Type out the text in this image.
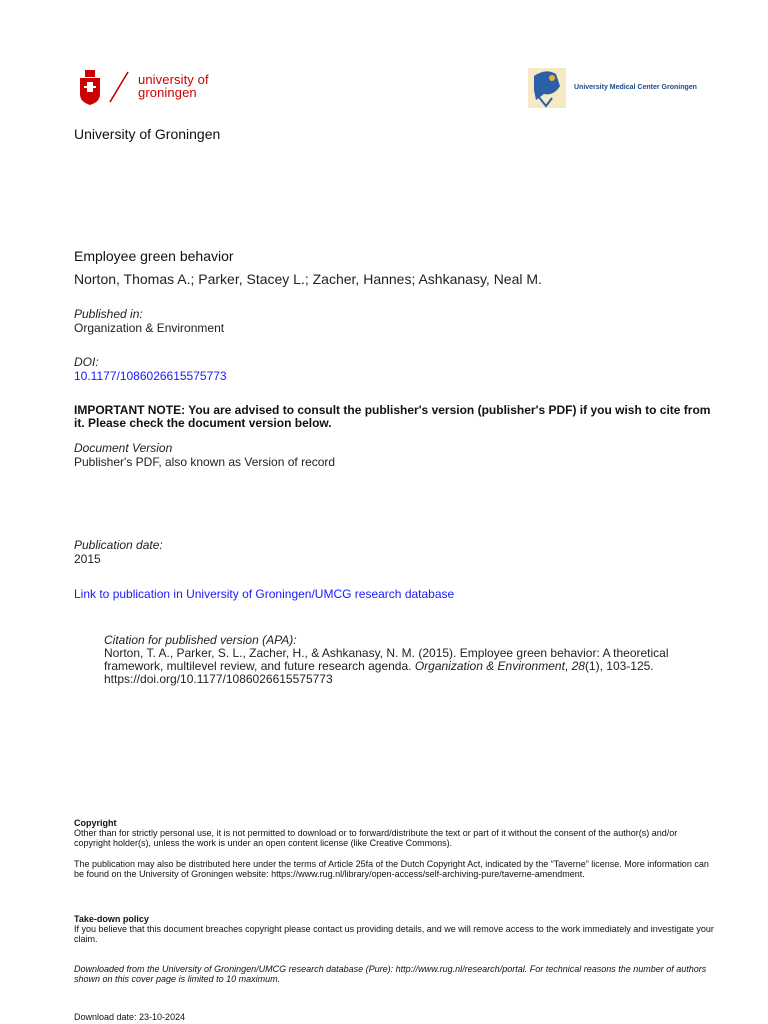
university of
groningen	University Medical Center Groningen
University of Groningen
Employee green behavior
Norton, Thomas A.; Parker, Stacey L.; Zacher, Hannes; Ashkanasy, Neal M.
Published in:
Organization & Environment
DOI:
10.1177/1086026615575773
IMPORTANT NOTE: You are advised to consult the publisher's version (publisher's PDF) if you wish to cite from it. Please check the document version below.
Document Version
Publisher's PDF, also known as Version of record
Publication date:
2015
Link to publication in University of Groningen/UMCG research database
Citation for published version (APA):
Norton, T. A., Parker, S. L., Zacher, H., & Ashkanasy, N. M. (2015). Employee green behavior: A theoretical framework, multilevel review, and future research agenda. Organization & Environment, 28(1), 103-125. https://doi.org/10.1177/1086026615575773
Copyright
Other than for strictly personal use, it is not permitted to download or to forward/distribute the text or part of it without the consent of the author(s) and/or copyright holder(s), unless the work is under an open content license (like Creative Commons).
The publication may also be distributed here under the terms of Article 25fa of the Dutch Copyright Act, indicated by the “Taverne” license. More information can be found on the University of Groningen website: https://www.rug.nl/library/open-access/self-archiving-pure/taverne-amendment.
Take-down policy
If you believe that this document breaches copyright please contact us providing details, and we will remove access to the work immediately and investigate your claim.
Downloaded from the University of Groningen/UMCG research database (Pure): http://www.rug.nl/research/portal. For technical reasons the number of authors shown on this cover page is limited to 10 maximum.
Download date: 23-10-2024
